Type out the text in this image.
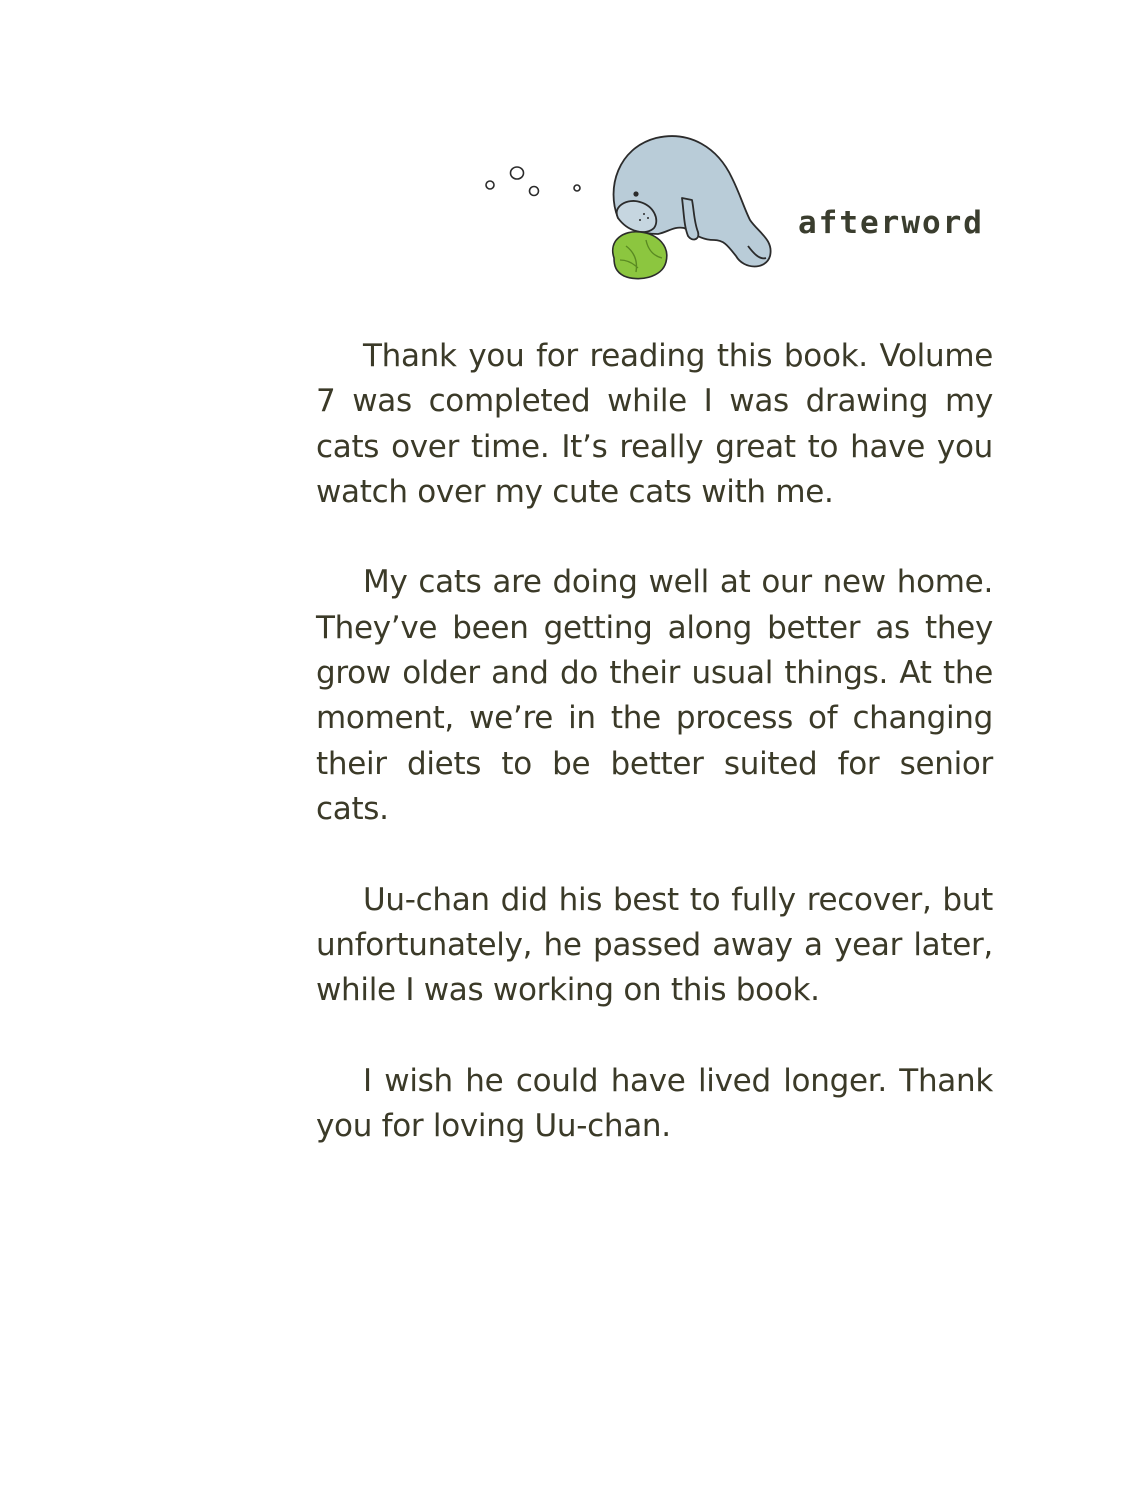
afterword

Thank you for reading this book. Volume 7 was completed while I was drawing my cats over time. It’s really great to have you watch over my cute cats with me.

My cats are doing well at our new home. They’ve been getting along better as they grow older and do their usual things. At the moment, we’re in the process of changing their diets to be better suited for senior cats.

Uu-chan did his best to fully recover, but unfortunately, he passed away a year later, while I was working on this book.

I wish he could have lived longer. Thank you for loving Uu-chan.
